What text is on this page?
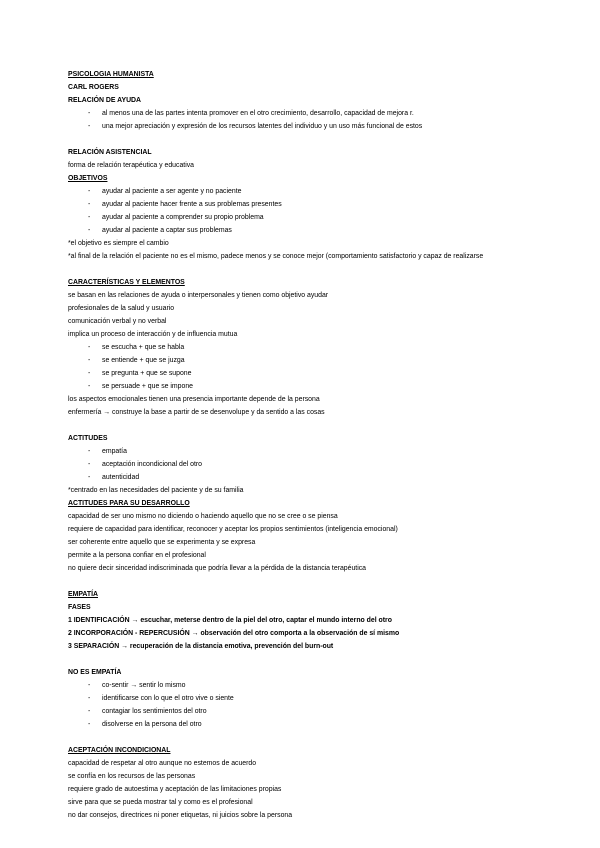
PSICOLOGIA HUMANISTA
CARL ROGERS
RELACIÓN DE AYUDA
- al menos una de las partes intenta promover en el otro crecimiento, desarrollo, capacidad de mejora r.
- una mejor apreciación y expresión de los recursos latentes del individuo y un uso más funcional de estos
RELACIÓN ASISTENCIAL
forma de relación terapéutica y educativa
OBJETIVOS
- ayudar al paciente a ser agente y no paciente
- ayudar al paciente hacer frente a sus problemas presentes
- ayudar al paciente a comprender su propio problema
- ayudar al paciente a captar sus problemas
*el objetivo es siempre el cambio
*al final de la relación el paciente no es el mismo, padece menos y se conoce mejor (comportamiento satisfactorio y capaz de realizarse
CARACTERÍSTICAS Y ELEMENTOS
se basan en las relaciones de ayuda o interpersonales y tienen como objetivo ayudar
profesionales de la salud y usuario
comunicación verbal y no verbal
implica un proceso de interacción y de influencia mutua
- se escucha + que se habla
- se entiende + que se juzga
- se pregunta + que se supone
- se persuade + que se impone
los aspectos emocionales tienen una presencia importante depende de la persona
enfermería → construye la base a partir de se desenvolupe y da sentido a las cosas
ACTITUDES
- empatía
- aceptación incondicional del otro
- autenticidad
*centrado en las necesidades del paciente y de su familia
ACTITUDES PARA SU DESARROLLO
capacidad de ser uno mismo no diciendo o haciendo aquello que no se cree o se piensa
requiere de capacidad para identificar, reconocer y aceptar los propios sentimientos (inteligencia emocional)
ser coherente entre aquello que se experimenta y se expresa
permite a la persona confiar en el profesional
no quiere decir sinceridad indiscriminada que podría llevar a la pérdida de la distancia terapéutica
EMPATÍA
FASES
1 IDENTIFICACIÓN → escuchar, meterse dentro de la piel del otro, captar el mundo interno del otro
2 INCORPORACIÓN - REPERCUSIÓN → observación del otro comporta a la observación de sí mismo
3 SEPARACIÓN → recuperación de la distancia emotiva, prevención del burn-out
NO ES EMPATÍA
- co-sentir → sentir lo mismo
- identificarse con lo que el otro vive o siente
- contagiar los sentimientos del otro
- disolverse en la persona del otro
ACEPTACIÓN INCONDICIONAL
capacidad de respetar al otro aunque no estemos de acuerdo
se confía en los recursos de las personas
requiere grado de autoestima y aceptación de las limitaciones propias
sirve para que se pueda mostrar tal y como es el profesional
no dar consejos, directrices ni poner etiquetas, ni juicios sobre la persona
